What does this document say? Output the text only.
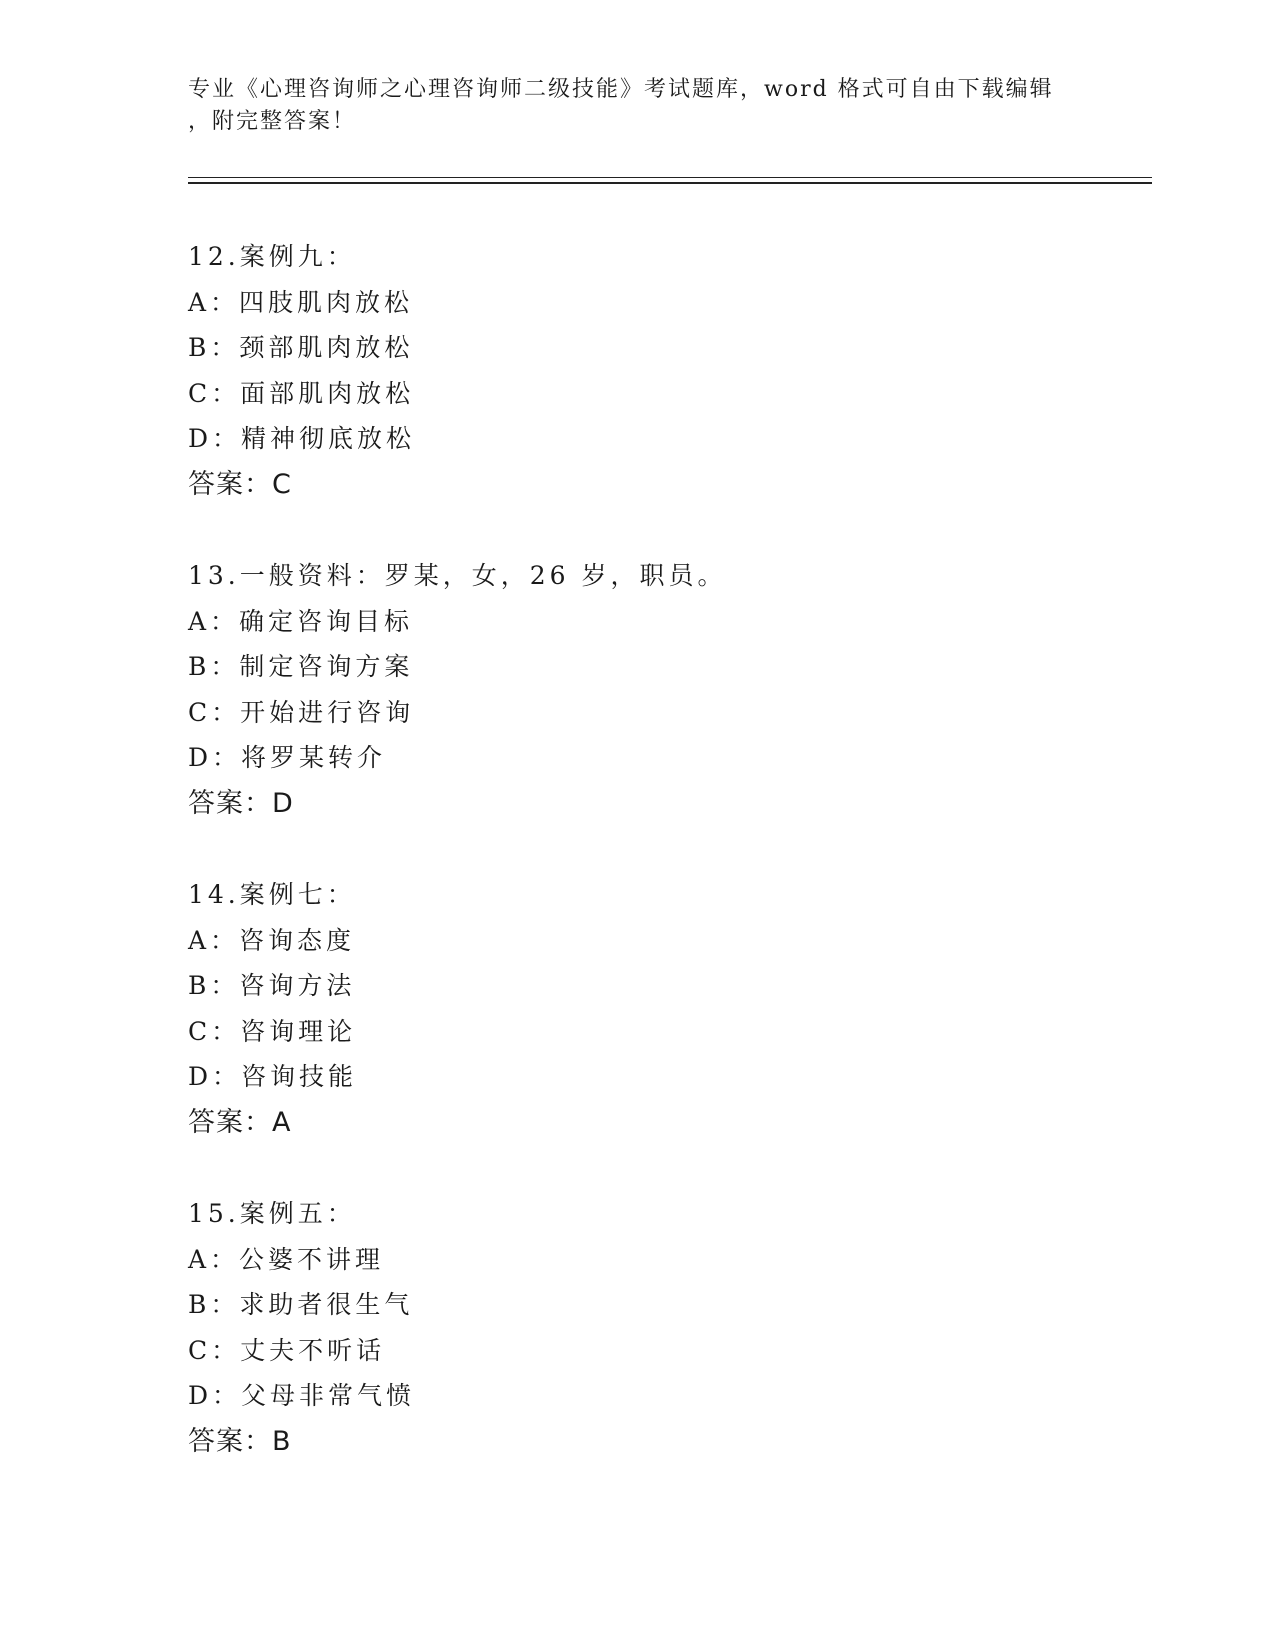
专业《心理咨询师之心理咨询师二级技能》考试题库，word 格式可自由下载编辑
，附完整答案！
12.案例九：
A：四肢肌肉放松
B：颈部肌肉放松
C：面部肌肉放松
D：精神彻底放松
答案：C
13.一般资料：罗某，女，26 岁，职员。
A：确定咨询目标
B：制定咨询方案
C：开始进行咨询
D：将罗某转介
答案：D
14.案例七：
A：咨询态度
B：咨询方法
C：咨询理论
D：咨询技能
答案：A
15.案例五：
A：公婆不讲理
B：求助者很生气
C：丈夫不听话
D：父母非常气愤
答案：B
